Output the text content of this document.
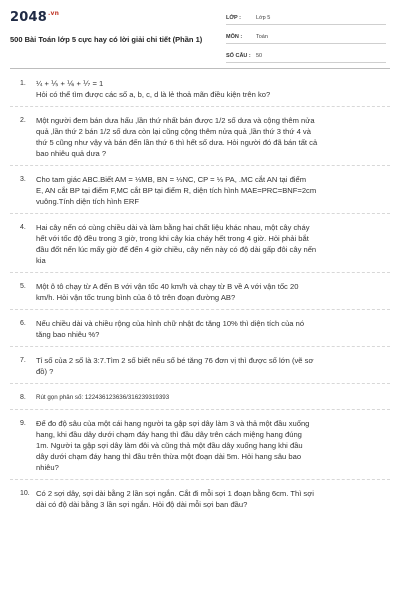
$2048^{.vn}$
500 Bài Toán lớp 5 cực hay có lời giải chi tiết (Phần 1)
LỚP :	Lớp 5
MÔN :	Toán
SỐ CÂU : 50
1. ¼ + ⅕ + ⅙ + ⅐ = 1
Hỏi có thể tìm được các số a, b, c, d là lẻ thoả mãn điều kiện trên ko?
2. Một người đem bán dưa hấu ,lần thứ nhất bán được 1/2 số dưa và cộng thêm nửa
quả ,lần thứ 2 bán 1/2 số dưa còn lại cũng cộng thêm nửa quả ,lần thứ 3 thứ 4 và
thứ 5 cũng như vậy và bán đến lần thứ 6 thì hết số dưa. Hỏi người đó đã bán tất cả
bao nhiêu quả dưa ?
3. Cho tam giác ABC.Biết AM = ⅓MB, BN = ⅓NC, CP = ⅓ PA, .MC cắt AN tại điểm
E, AN cắt BP tại điểm F,MC cắt BP tại điểm R, diện tích hình MAE=PRC=BNF=2cm
vuông.Tính diện tích hình ERF
4. Hai cây nến có cùng chiều dài và làm bằng hai chất liệu khác nhau, một cây cháy
hết với tốc độ đều trong 3 giờ, trong khi cây kia cháy hết trong 4 giờ. Hỏi phải bắt
đầu đốt nến lúc mấy giờ để đến 4 giờ chiều, cây nến này có độ dài gấp đôi cây nến
kia
5. Một ô tô chạy từ A đến B với vận tốc 40 km/h và chạy từ B về A với vận tốc 20
km/h. Hỏi vận tốc trung bình của ô tô trên đoạn đường AB?
6. Nếu chiều dài và chiều rộng của hình chữ nhật đc tăng 10% thì diện tích của nó
tăng bao nhiêu %?
7. Tỉ số của 2 số là 3:7.Tìm 2 số biết nếu số bé tăng 76 đơn vị thì được số lớn (vẽ sơ
đồ) ?
8. Rút gọn phân số: 122436123636/316239319393
9. Để đo độ sâu của một cái hang người ta gập sợi dây làm 3 và thả một đầu xuống
hang, khi đầu dây dưới chạm đáy hang thì đầu dây trên cách miệng hang đúng
1m. Người ta gập sợi dây làm đôi và cũng thả một đầu dây xuống hang khi đầu
dây dưới chạm đáy hang thì đầu trên thừa một đoạn dài 5m. Hỏi hang sâu bao
nhiêu?
10. Có 2 sợi dây, sợi dài bằng 2 lần sợi ngắn. Cắt đi mỗi sợi 1 đoạn bằng 6cm. Thì sợi
dài có độ dài bằng 3 lần sợi ngắn. Hỏi độ dài mỗi sợi ban đầu?
